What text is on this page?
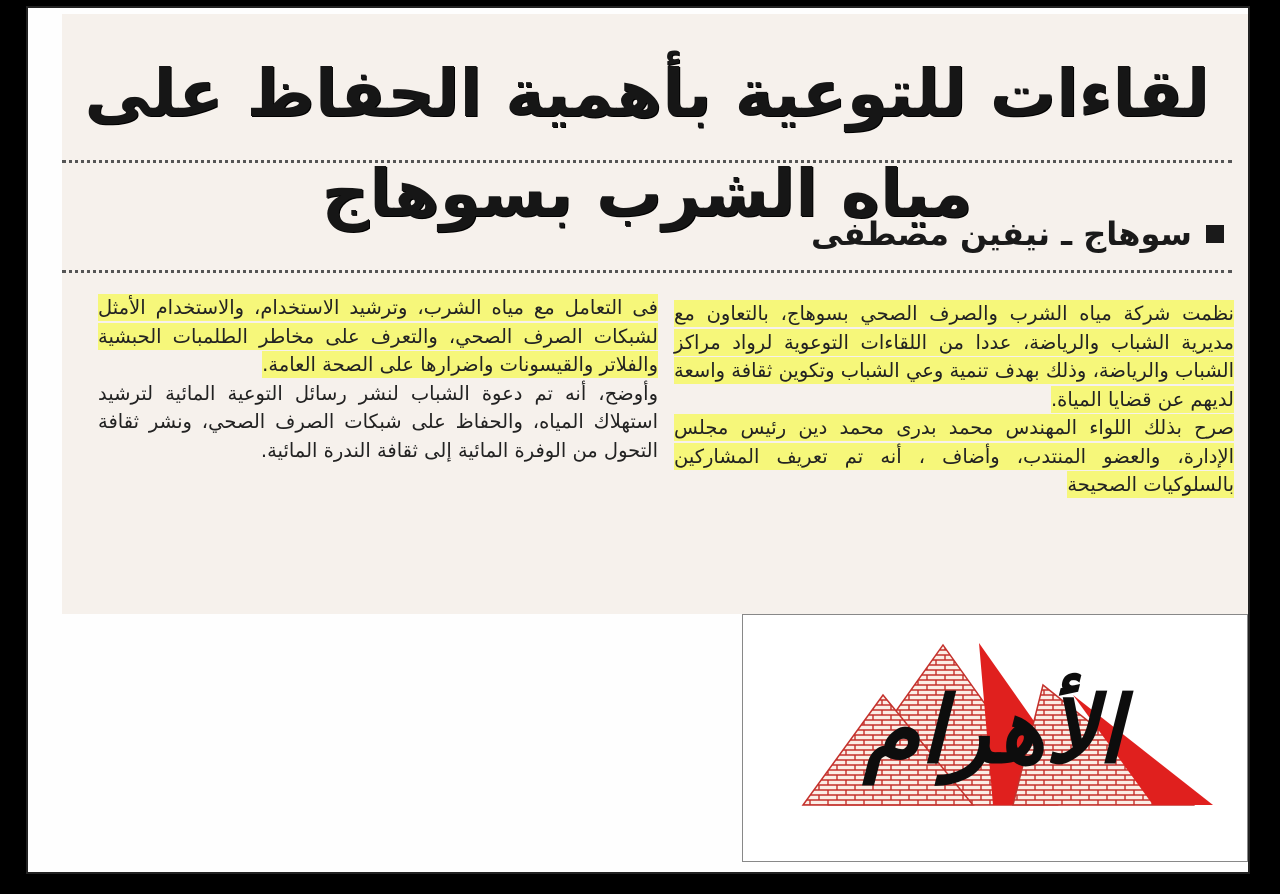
لقاءات للتوعية بأهمية الحفاظ على مياه الشرب بسوهاج
سوهاج ـ نيفين مصطفى

نظمت شركة مياه الشرب والصرف الصحي بسوهاج، بالتعاون مع مديرية الشباب والرياضة، عددا من اللقاءات التوعوية لرواد مراكز الشباب والرياضة، وذلك بهدف تنمية وعي الشباب وتكوين ثقافة واسعة لديهم عن قضايا المياة.

صرح بذلك اللواء المهندس محمد بدرى محمد دين رئيس مجلس الإدارة، والعضو المنتدب، وأضاف ، أنه تم تعريف المشاركين بالسلوكيات الصحيحة

فى التعامل مع مياه الشرب، وترشيد الاستخدام، والاستخدام الأمثل لشبكات الصرف الصحي، والتعرف على مخاطر الطلمبات الحبشية والفلاتر والقيسونات واضرارها على الصحة العامة.

وأوضح، أنه تم دعوة الشباب لنشر رسائل التوعية المائية لترشيد استهلاك المياه، والحفاظ على شبكات الصرف الصحي، ونشر ثقافة التحول من الوفرة المائية إلى ثقافة الندرة المائية.

الأهرام
